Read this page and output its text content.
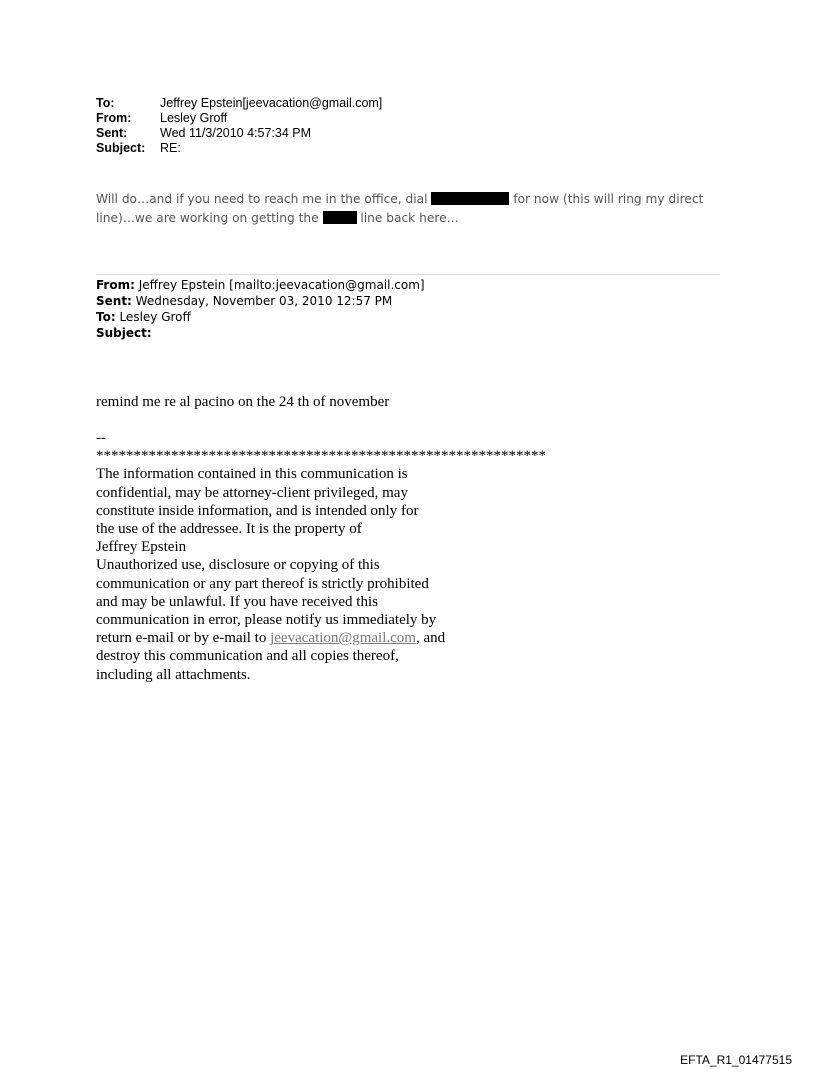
To:	Jeffrey Epstein[jeevacation@gmail.com]
From:	Lesley Groff
Sent:	Wed 11/3/2010 4:57:34 PM
Subject:	RE:
Will do…and if you need to reach me in the office, dial	for now (this will ring my direct line)…we are working on getting the	line back here…
From: Jeffrey Epstein [mailto:jeevacation@gmail.com]
Sent: Wednesday, November 03, 2010 12:57 PM
To: Lesley Groff
Subject:
remind me re al pacino on the 24 th of november
--
************************************************************
The information contained in this communication is
confidential, may be attorney-client privileged, may
constitute inside information, and is intended only for
the use of the addressee. It is the property of
Jeffrey Epstein
Unauthorized use, disclosure or copying of this
communication or any part thereof is strictly prohibited
and may be unlawful. If you have received this
communication in error, please notify us immediately by
return e-mail or by e-mail to jeevacation@gmail.com, and
destroy this communication and all copies thereof,
including all attachments.
EFTA_R1_01477515
